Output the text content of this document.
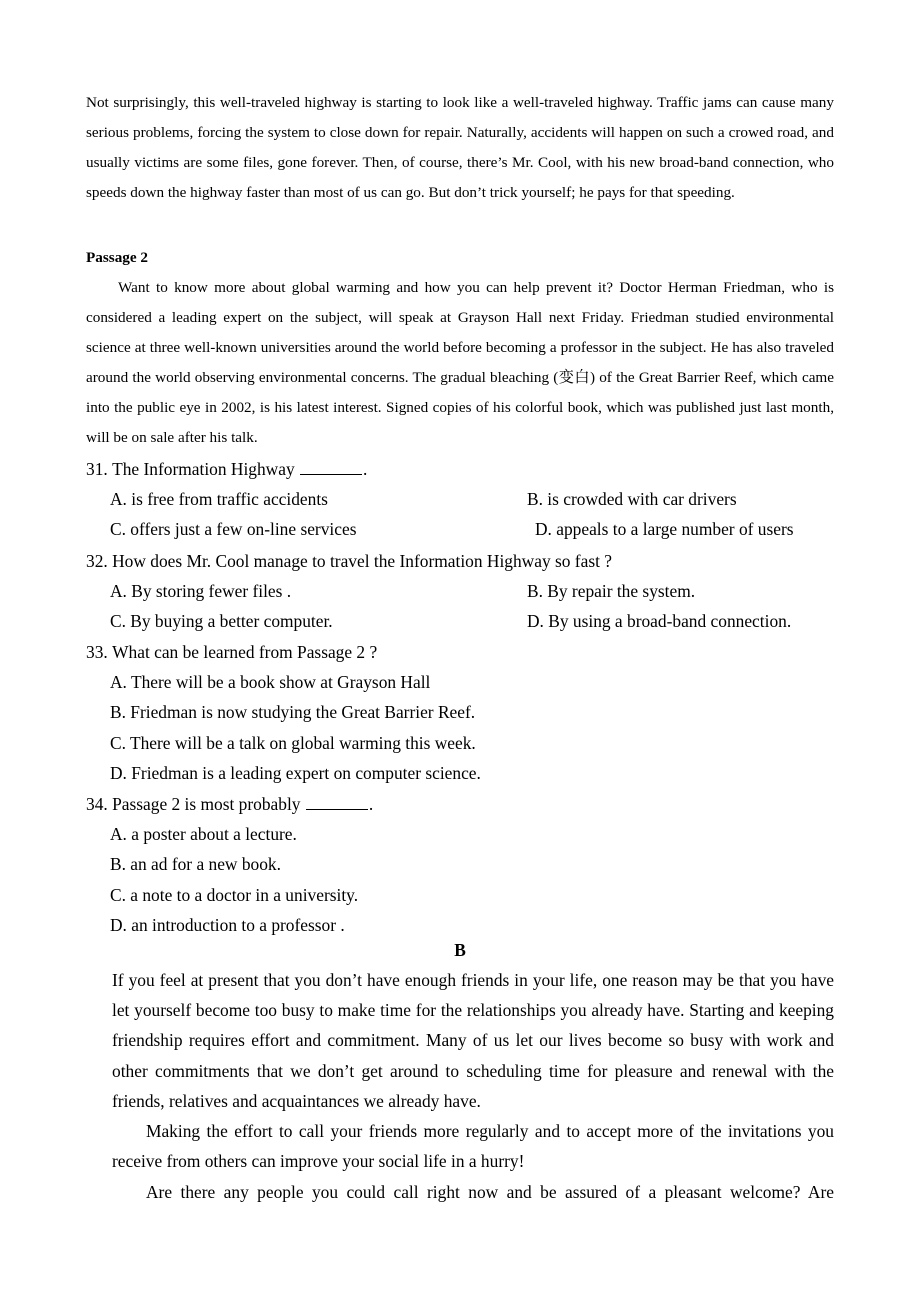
Not surprisingly, this well-traveled highway is starting to look like a well-traveled highway. Traffic jams can cause many serious problems, forcing the system to close down for repair. Naturally, accidents will happen on such a crowed road, and usually victims are some files, gone forever. Then, of course, there’s Mr. Cool, with his new broad-band connection, who speeds down the highway faster than most of us can go. But don’t trick yourself; he pays for that speeding.

Passage 2

Want to know more about global warming and how you can help prevent it? Doctor Herman Friedman, who is considered a leading expert on the subject, will speak at Grayson Hall next Friday. Friedman studied environmental science at three well-known universities around the world before becoming a professor in the subject. He has also traveled around the world observing environmental concerns. The gradual bleaching (变白) of the Great Barrier Reef, which came into the public eye in 2002, is his latest interest. Signed copies of his colorful book, which was published just last month, will be on sale after his talk.

31. The Information Highway	.
A. is free from traffic accidents	B. is crowded with car drivers
C. offers just a few on-line services	D. appeals to a large number of users
32. How does Mr. Cool manage to travel the Information Highway so fast ?
A. By storing fewer files .	B. By repair the system.
C. By buying a better computer.	D. By using a broad-band connection.
33. What can be learned from Passage 2 ?
A. There will be a book show at Grayson Hall
B. Friedman is now studying the Great Barrier Reef.
C. There will be a talk on global warming this week.
D. Friedman is a leading expert on computer science.
34. Passage 2 is most probably	.
A. a poster about a lecture.
B. an ad for a new book.
C. a note to a doctor in a university.
D. an introduction to a professor .
B

If you feel at present that you don’t have enough friends in your life, one reason may be that you have let yourself become too busy to make time for the relationships you already have. Starting and keeping friendship requires effort and commitment. Many of us let our lives become so busy with work and other commitments that we don’t get around to scheduling time for pleasure and renewal with the friends, relatives and acquaintances we already have.

Making the effort to call your friends more regularly and to accept more of the invitations you receive from others can improve your social life in a hurry!

Are there any people you could call right now and be assured of a pleasant welcome? Are
